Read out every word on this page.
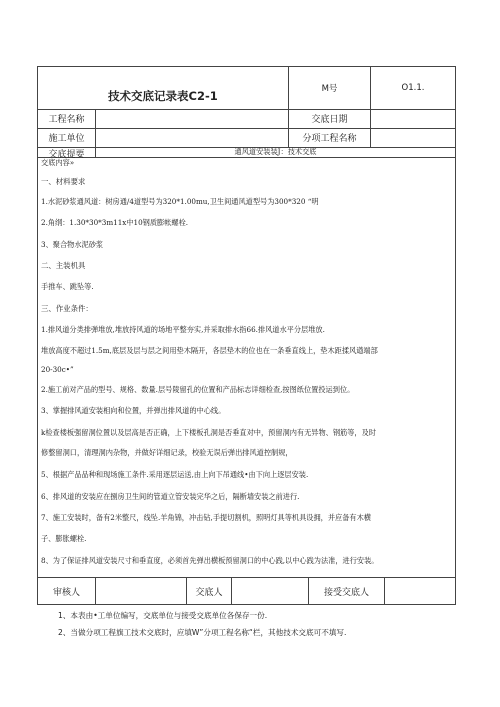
技术交底记录表C2-1	M号	O1.1.
工程名称	交底日期
施工单位	分项工程名称
交底提要	通风道安装装J：技术交底
交底内容»
一、材料要求
1.水泥砂浆通风道：树房通/4道型号为320*1.00mu,卫生间通风道型号为300*320 “明
2.角纲：1.30*30*3m11x中10钢质膨帐螺栓.
3、聚合物水泥砂浆
二、主装机具
手推车、跳坠等.
三、作业条件：
1.排风道分类排弹堆放,堆放持风道的场地平整夯实,并采取排水指66.排风道水平分层堆放.
堆放高度不超过1.5m,底层及层与层之间用垫木隔开，各层垫木的位也在一条垂直线上，垫木距揉风遒端部
20-30c•”
2.施工前对产品的型号、规格、数量.层号陵留孔的位置和产品标志详细检查,按图纸位置投运到位。
3、掌握排风道安装相向和位置，并弹出排风道的中心线。
k检查楼板强留洞位置以及层高是否正确，上下楼板孔洞是否垂直对中，预留洞内有无异物、钢筋等，及时
修整留洞口，清理洞内杂物，并做好详细记录，校验无误后弹出排风道控制规，
5、根据产品品种和现场施工条件.采用逐层运送,由上向下吊通线•由下向上逐层安装.
6、排风道的安装应在捌房卫生间的管道立管安装完华之后，隔断墙安装之前进行.
7、施工安装时，备有2米整尺，线坠.羊角锦，冲击钻,手提切割机，照明灯具等机具设拥，并应备有木横
子、膨胀螺栓.
8、为了保证排风道安装尺寸和垂直度，必须首先弹出横板预留洞口的中心践,以中心践为法准，进行安装。
审核人	交底人	接受交底人
1、本表由•工单位编写，交底单位与接受交底单位各保存一份.
2、当做分项工程旗工技术交底时，应填W”分项工程名称“栏，其他技术交底可不填写.
